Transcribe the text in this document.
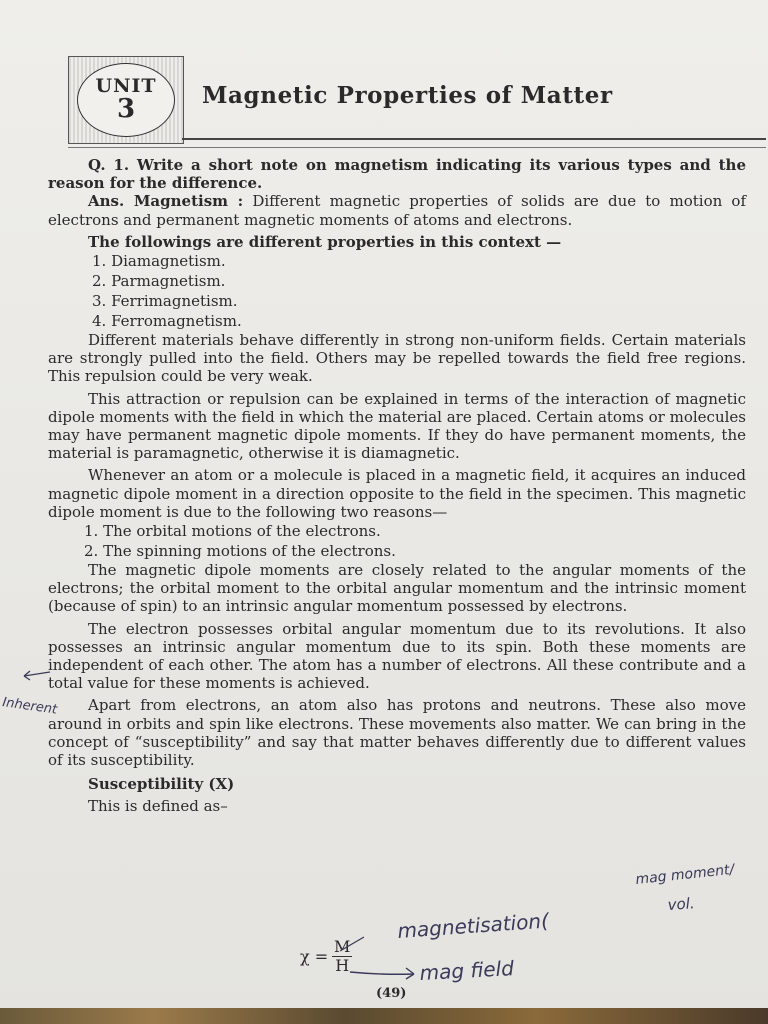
UNIT
3	Magnetic Properties of Matter

Q. 1. Write a short note on magnetism indicating its various types and the reason for the difference.

Ans. Magnetism : Different magnetic properties of solids are due to motion of electrons and permanent magnetic moments of atoms and electrons.

The followings are different properties in this context —

1. Diamagnetism.

2. Parmagnetism.

3. Ferrimagnetism.

4. Ferromagnetism.

Different materials behave differently in strong non-uniform fields. Certain materials are strongly pulled into the field. Others may be repelled towards the field free regions. This repulsion could be very weak.

This attraction or repulsion can be explained in terms of the interaction of magnetic dipole moments with the field in which the material are placed. Certain atoms or molecules may have permanent magnetic dipole moments. If they do have permanent moments, the material is paramagnetic, otherwise it is diamagnetic.

Whenever an atom or a molecule is placed in a magnetic field, it acquires an induced magnetic dipole moment in a direction opposite to the field in the specimen. This magnetic dipole moment is due to the following two reasons—

1. The orbital motions of the electrons.

2. The spinning motions of the electrons.

The magnetic dipole moments are closely related to the angular moments of the electrons; the orbital moment to the orbital angular momentum and the intrinsic moment (because of spin) to an intrinsic angular momentum possessed by electrons.

The electron possesses orbital angular momentum due to its revolutions. It also possesses an intrinsic angular momentum due to its spin. Both these moments are independent of each other. The atom has a number of electrons. All these contribute and a total value for these moments is achieved.

Apart from electrons, an atom also has protons and neutrons. These also move around in orbits and spin like electrons. These movements also matter. We can bring in the concept of “susceptibility” and say that matter behaves differently due to different values of its susceptibility.

Susceptibility (X)

This is defined as–

$\chi = \frac{M}{H}$
(49)
Inherent
mag moment/
vol.
magnetisation(
mag field
